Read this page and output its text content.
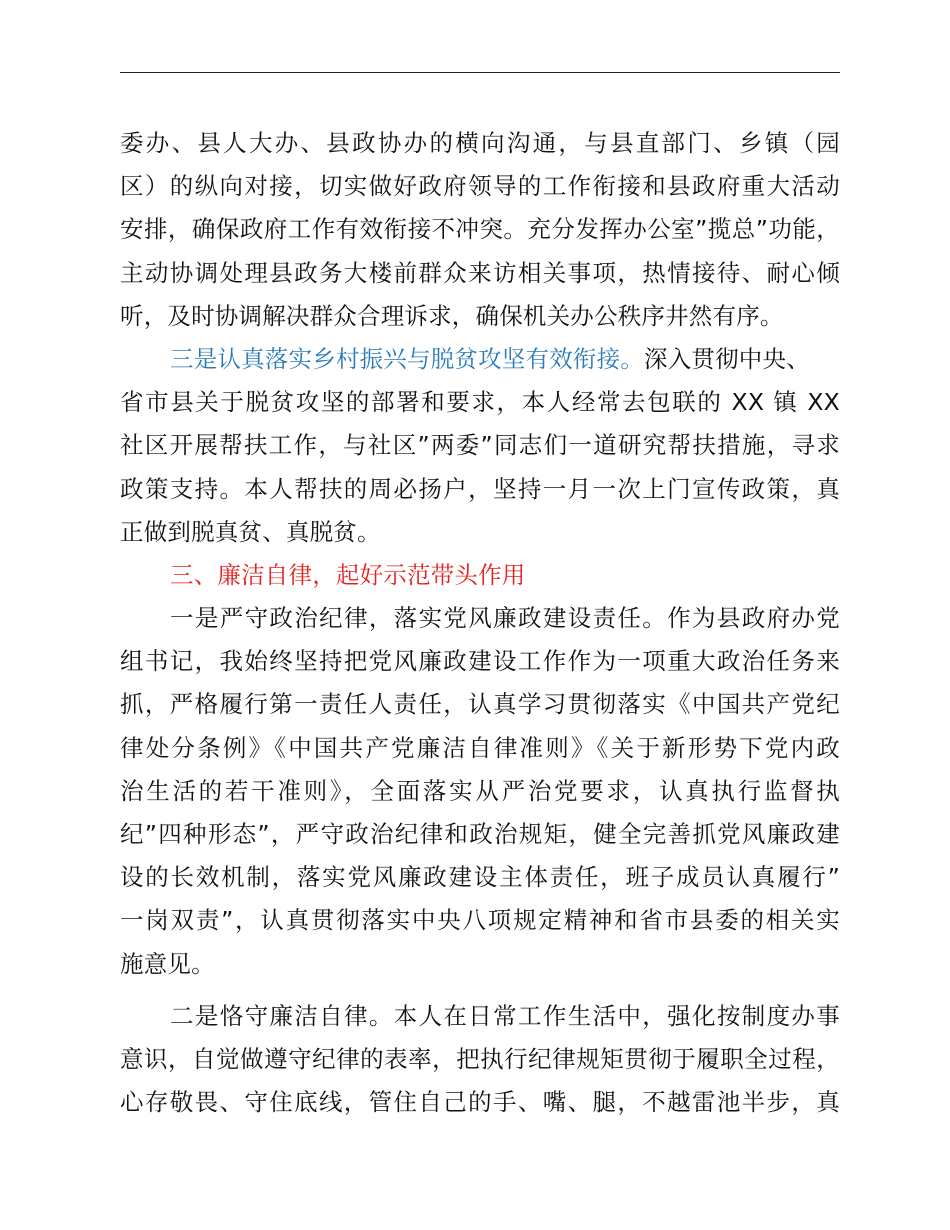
委办、县人大办、县政协办的横向沟通，与县直部门、乡镇（园
区）的纵向对接，切实做好政府领导的工作衔接和县政府重大活动
安排，确保政府工作有效衔接不冲突。充分发挥办公室”揽总”功能，
主动协调处理县政务大楼前群众来访相关事项，热情接待、耐心倾
听，及时协调解决群众合理诉求，确保机关办公秩序井然有序。
三是认真落实乡村振兴与脱贫攻坚有效衔接。深入贯彻中央、
省市县关于脱贫攻坚的部署和要求，本人经常去包联的 XX 镇 XX
社区开展帮扶工作，与社区”两委”同志们一道研究帮扶措施，寻求
政策支持。本人帮扶的周必扬户，坚持一月一次上门宣传政策，真
正做到脱真贫、真脱贫。
三、廉洁自律，起好示范带头作用
一是严守政治纪律，落实党风廉政建设责任。作为县政府办党
组书记，我始终坚持把党风廉政建设工作作为一项重大政治任务来
抓，严格履行第一责任人责任，认真学习贯彻落实《中国共产党纪
律处分条例》《中国共产党廉洁自律准则》《关于新形势下党内政
治生活的若干准则》，全面落实从严治党要求，认真执行监督执
纪”四种形态”，严守政治纪律和政治规矩，健全完善抓党风廉政建
设的长效机制，落实党风廉政建设主体责任，班子成员认真履行”
一岗双责”，认真贯彻落实中央八项规定精神和省市县委的相关实
施意见。
二是恪守廉洁自律。本人在日常工作生活中，强化按制度办事
意识，自觉做遵守纪律的表率，把执行纪律规矩贯彻于履职全过程，
心存敬畏、守住底线，管住自己的手、嘴、腿，不越雷池半步，真
